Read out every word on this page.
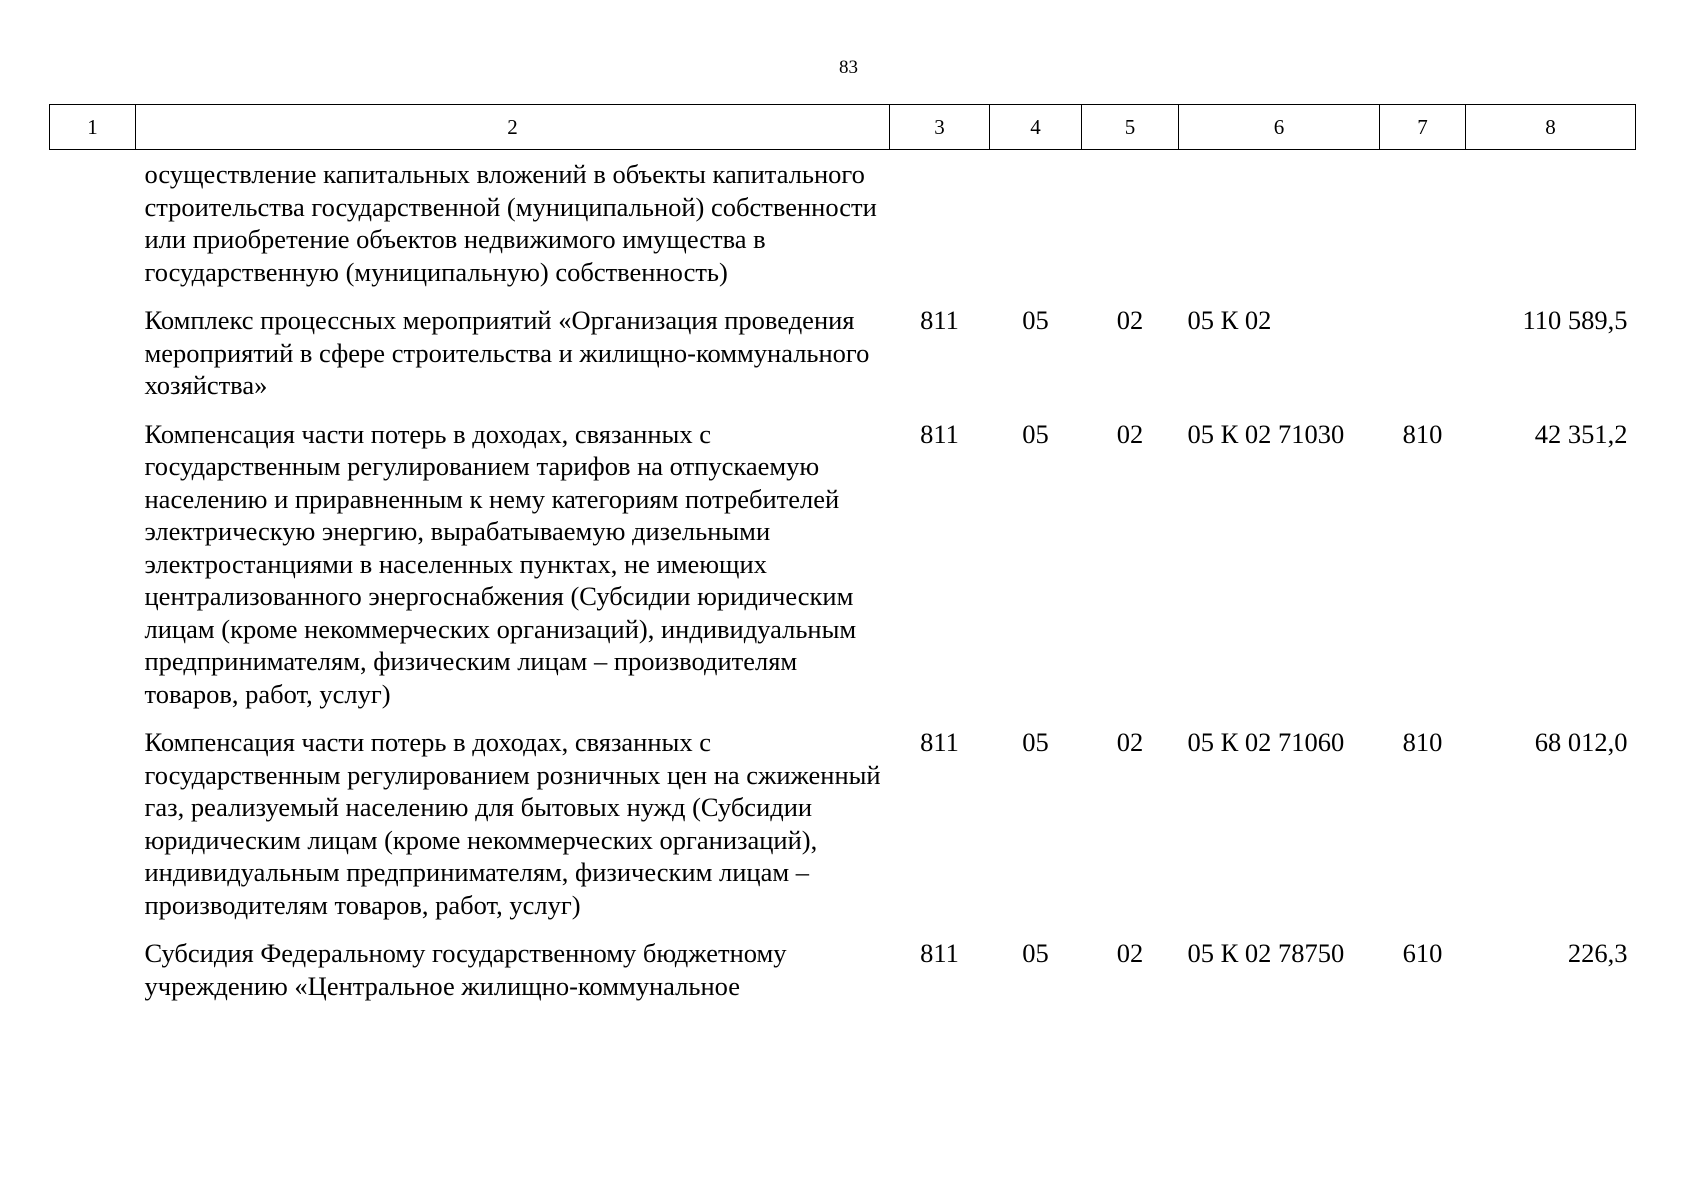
83
1	2	3	4	5	6	7	8
	осуществление капитальных вложений в объекты капитального строительства государственной (муниципальной) собственности или приобретение объектов недвижимого имущества в государственную (муниципальную) собственность)						
	Комплекс процессных мероприятий «Организация проведения мероприятий в сфере строительства и жилищно-коммунального хозяйства»	811	05	02	05 К 02		110 589,5
	Компенсация части потерь в доходах, связанных с государственным регулированием тарифов на отпускаемую населению и приравненным к нему категориям потребителей электрическую энергию, вырабатываемую дизельными электростанциями в населенных пунктах, не имеющих централизованного энергоснабжения (Субсидии юридическим лицам (кроме некоммерческих организаций), индивидуальным предпринимателям, физическим лицам – производителям товаров, работ, услуг)	811	05	02	05 К 02 71030	810	42 351,2
	Компенсация части потерь в доходах, связанных с государственным регулированием розничных цен на сжиженный газ, реализуемый населению для бытовых нужд (Субсидии юридическим лицам (кроме некоммерческих организаций), индивидуальным предпринимателям, физическим лицам – производителям товаров, работ, услуг)	811	05	02	05 К 02 71060	810	68 012,0
	Субсидия Федеральному государственному бюджетному учреждению «Центральное жилищно-коммунальное	811	05	02	05 К 02 78750	610	226,3
